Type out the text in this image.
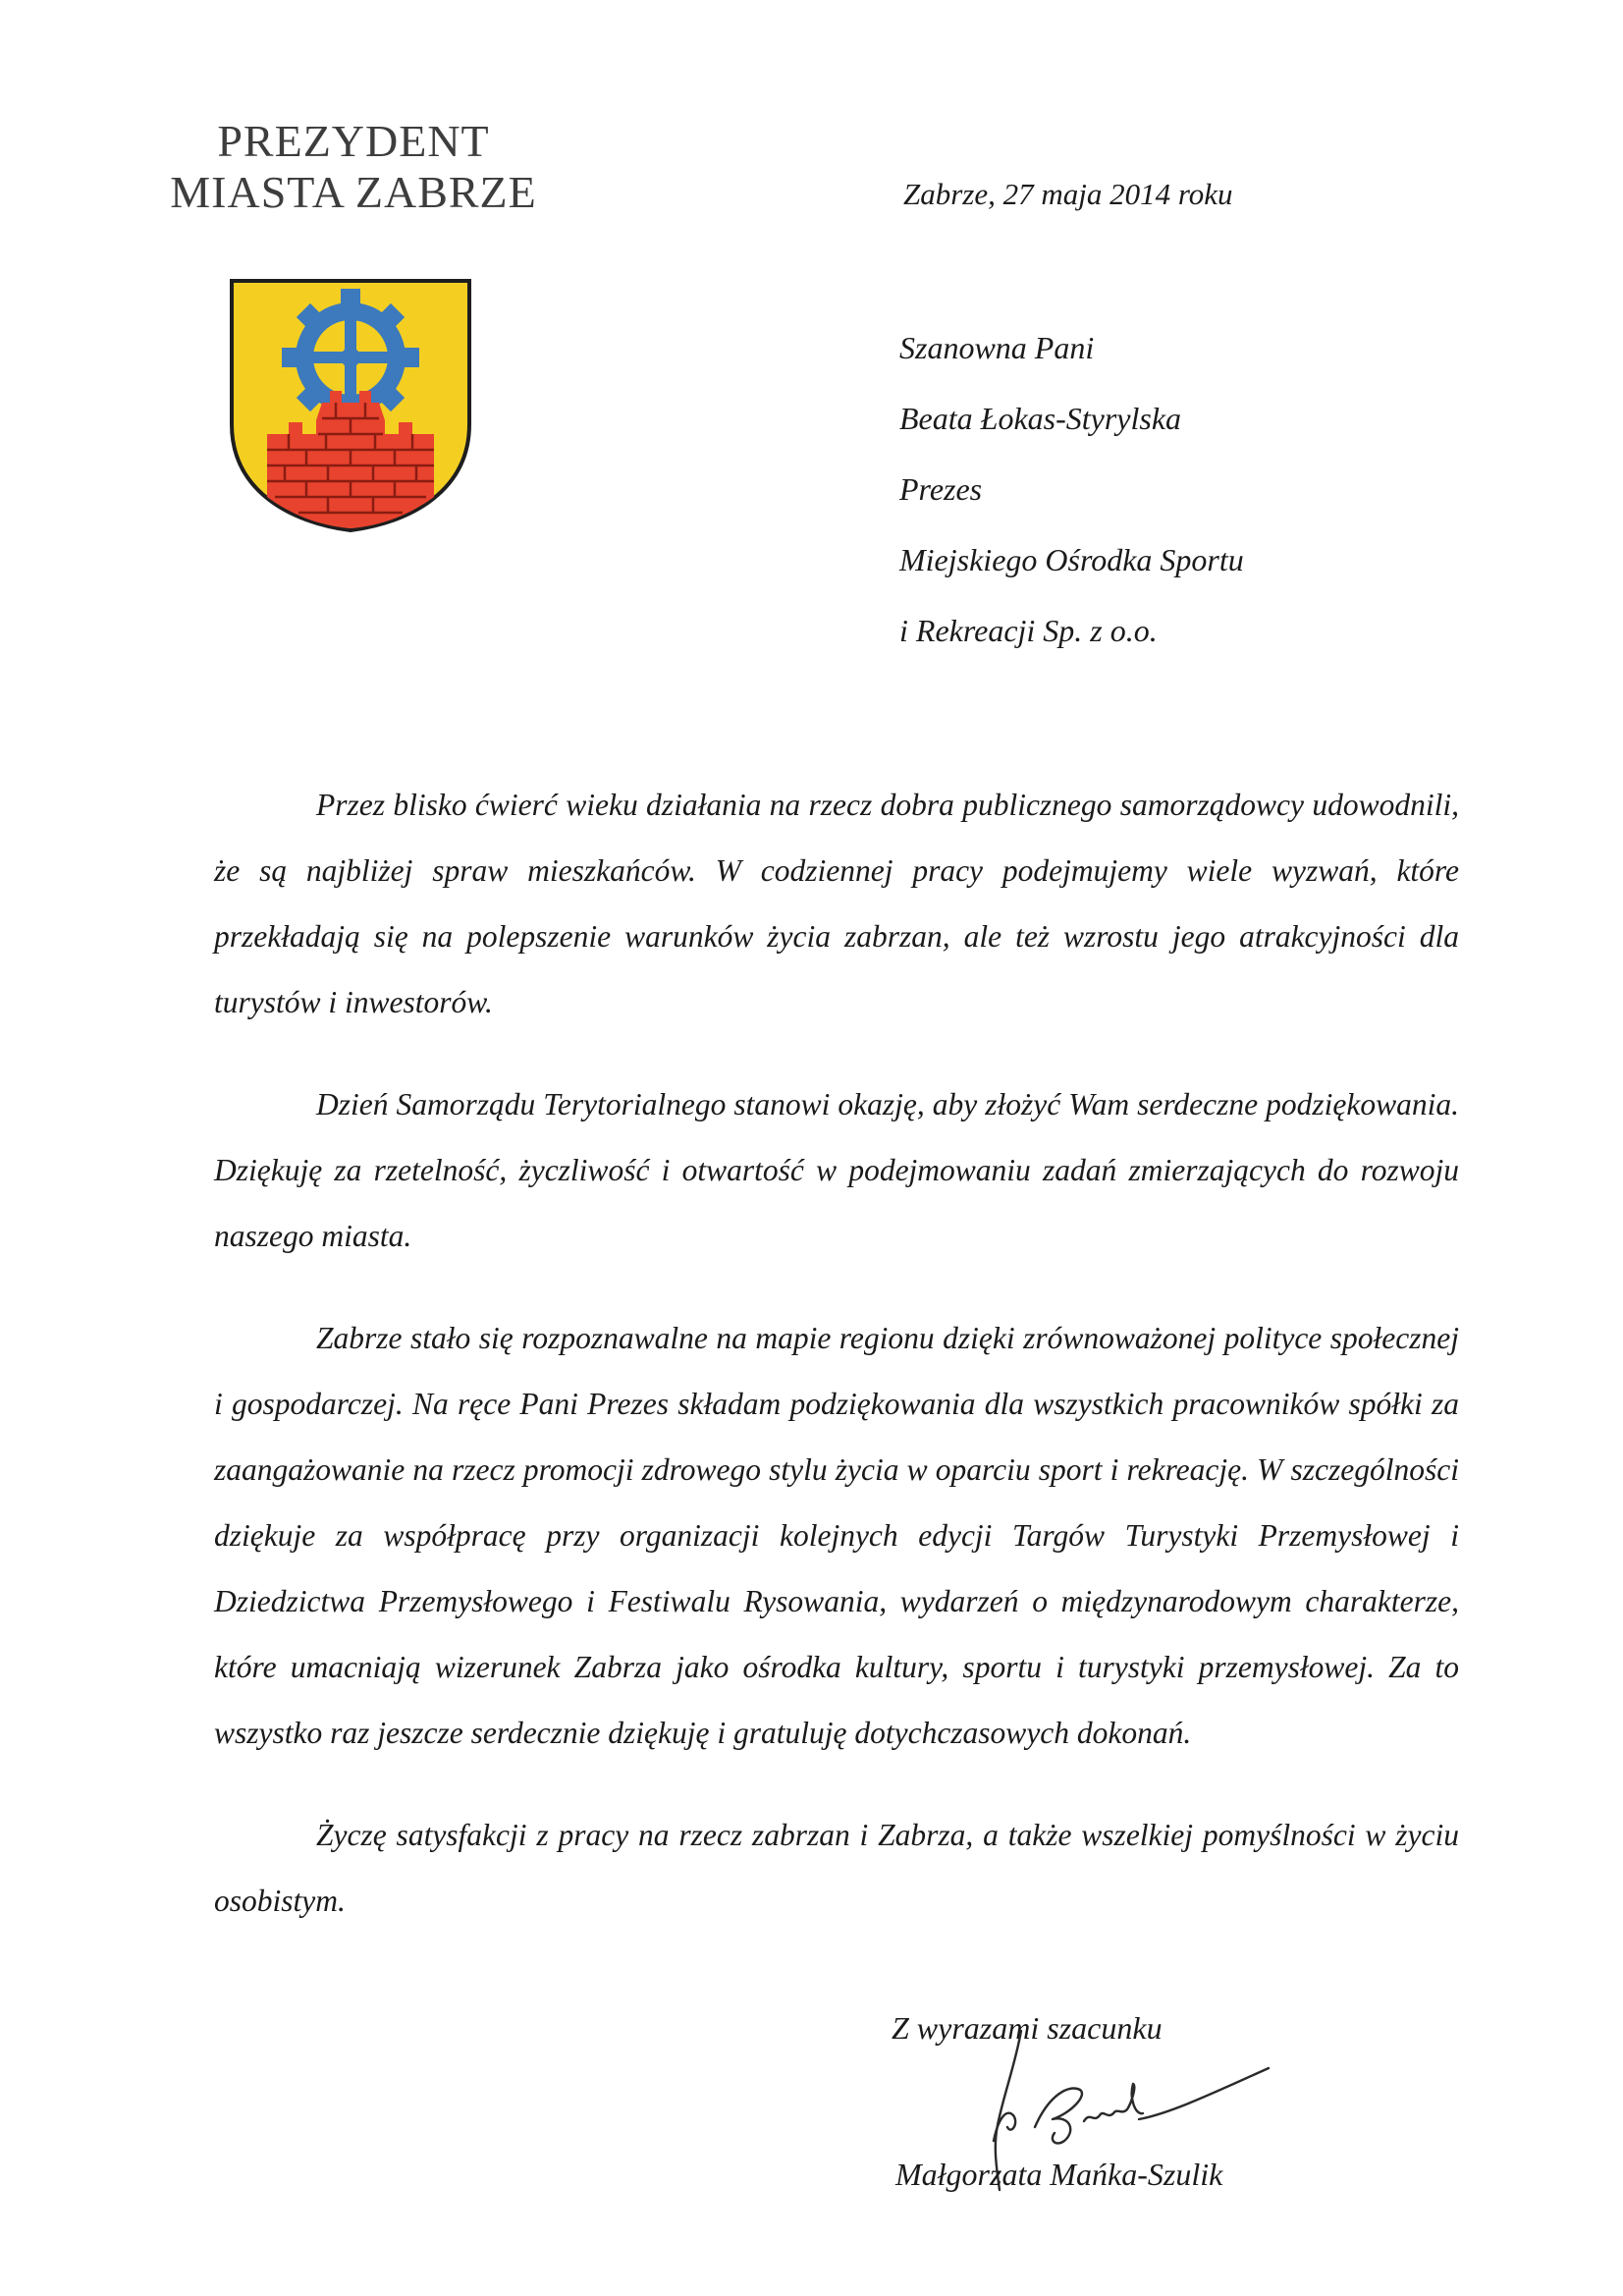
PREZYDENT
MIASTA ZABRZE	Zabrze, 27 maja 2014 roku
Szanowna Pani
Beata Łokas-Styrylska
Prezes
Miejskiego Ośrodka Sportu
i Rekreacji Sp. z o.o.

Przez blisko ćwierć wieku działania na rzecz dobra publicznego samorządowcy udowodnili, że są najbliżej spraw mieszkańców. W codziennej pracy podejmujemy wiele wyzwań, które przekładają się na polepszenie warunków życia zabrzan, ale też wzrostu jego atrakcyjności dla turystów i inwestorów.

Dzień Samorządu Terytorialnego stanowi okazję, aby złożyć Wam serdeczne podziękowania. Dziękuję za rzetelność, życzliwość i otwartość w podejmowaniu zadań zmierzających do rozwoju naszego miasta.

Zabrze stało się rozpoznawalne na mapie regionu dzięki zrównoważonej polityce społecznej i gospodarczej. Na ręce Pani Prezes składam podziękowania dla wszystkich pracowników spółki za zaangażowanie na rzecz promocji zdrowego stylu życia w oparciu sport i rekreację. W szczególności dziękuje za współpracę przy organizacji kolejnych edycji Targów Turystyki Przemysłowej i Dziedzictwa Przemysłowego i Festiwalu Rysowania, wydarzeń o międzynarodowym charakterze, które umacniają wizerunek Zabrza jako ośrodka kultury, sportu i turystyki przemysłowej. Za to wszystko raz jeszcze serdecznie dziękuję i gratuluję dotychczasowych dokonań.

Życzę satysfakcji z pracy na rzecz zabrzan i Zabrza, a także wszelkiej pomyślności w życiu osobistym.

Z wyrazami szacunku
Małgorzata Mańka-Szulik
